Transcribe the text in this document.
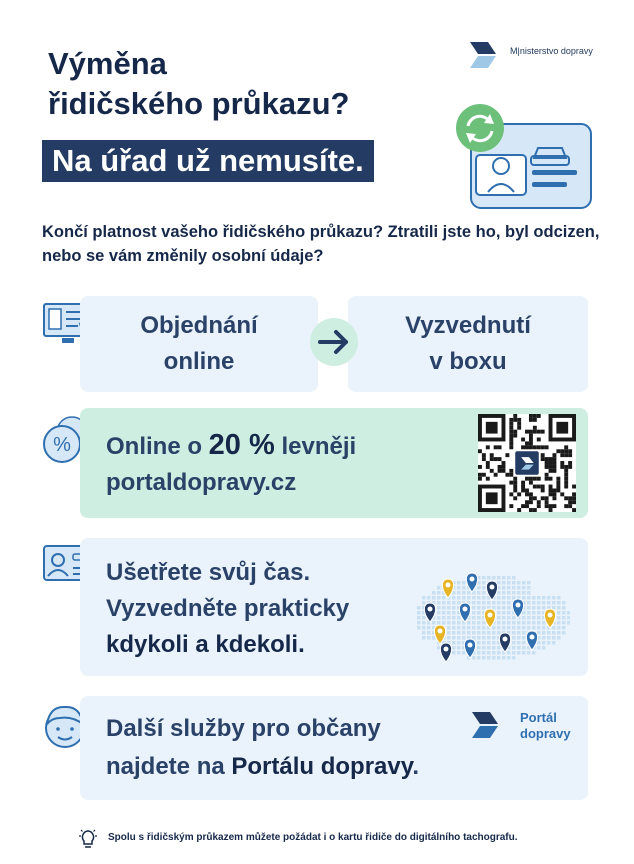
Výměna
řidičského průkazu?
Na úřad už nemusíte.
M|nisterstvo dopravy
Končí platnost vašeho řidičského průkazu? Ztratili jste ho, byl odcizen, nebo se vám změnily osobní údaje?
Objednání
online
Vyzvednutí
v boxu
% Online o 20 % levněji
portaldopravy.cz
Ušetřete svůj čas.
Vyzvedněte prakticky
kdykoli a kdekoli.
Další služby pro občany
najdete na Portálu dopravy.
Portál
dopravy
Spolu s řidičským průkazem můžete požádat i o kartu řidiče do digitálního tachografu.
